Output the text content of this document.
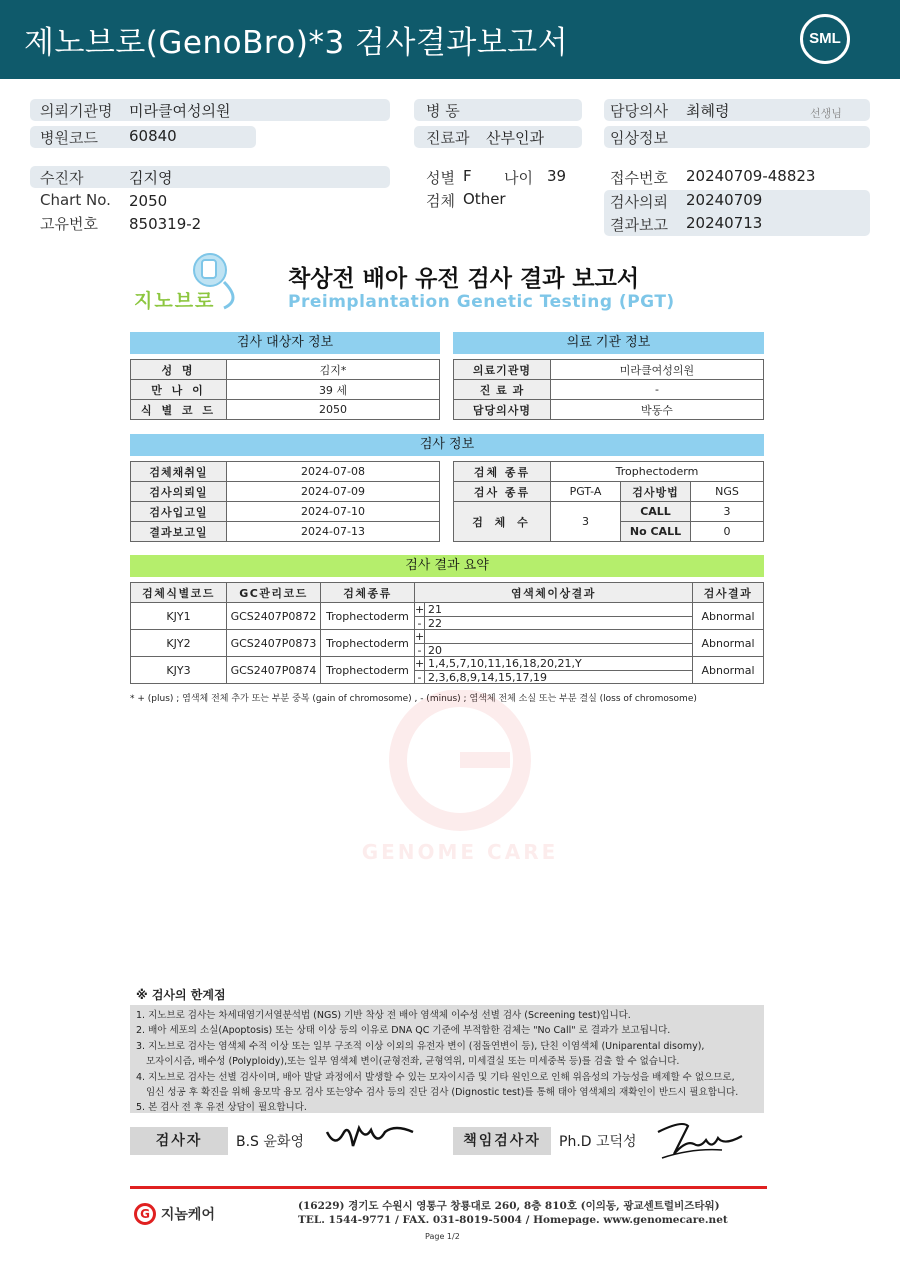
제노브로(GenoBro)*3 검사결과보고서	SML
의뢰기관명 미라클여성의원
병원코드 60840
병 동
진료과 산부인과
담당의사 최혜령	선생님
임상정보
수진자	김지영
Chart No. 2050
고유번호 850319-2
성별 F 나이 39
검체 Other
접수번호 20240709-48823
검사의뢰 20240709
결과보고 20240713
지노브로
착상전 배아 유전 검사 결과 보고서
Preimplantation Genetic Testing (PGT)
검사 대상자 정보
성 명	김지*
만 나 이	39 세
식 별 코 드	2050
의료 기관 정보
의료기관명	미라클여성의원
진 료 과	-
담당의사명	박동수
검사 정보
검체채취일	2024-07-08
검사의뢰일	2024-07-09
검사입고일	2024-07-10
결과보고일	2024-07-13
검체 종류	Trophectoderm		
검사 종류	PGT-A	검사방법	NGS
검 체 수	3	CALL	3
		No CALL	0
검사 결과 요약
검체식별코드	GC관리코드	검체종류	염색체이상결과	검사결과
KJY1	GCS2407P0872	Trophectoderm	+ 21
- 22	Abnormal
KJY2	GCS2407P0873	Trophectoderm	+
- 20	Abnormal
KJY3	GCS2407P0874	Trophectoderm	+ 1,4,5,7,10,11,16,18,20,21,Y
- 2,3,6,8,9,14,15,17,19	Abnormal
* + (plus) ; 염색체 전체 추가 또는 부분 중복 (gain of chromosome) , - (minus) ; 염색체 전체 소실 또는 부분 결실 (loss of chromosome)
GENOME CARE
※ 검사의 한계점
1. 지노브로 검사는 차세대염기서열분석법 (NGS) 기반 착상 전 배아 염색체 이수성 선별 검사 (Screening test)입니다.
2. 배아 세포의 소실(Apoptosis) 또는 상태 이상 등의 이유로 DNA QC 기준에 부적합한 검체는 "No Call" 로 결과가 보고됩니다.
3. 지노브로 검사는 염색체 수적 이상 또는 일부 구조적 이상 이외의 유전자 변이 (점돌연변이 등), 단친 이염색체 (Uniparental disomy),
모자이시즘, 배수성 (Polyploidy),또는 일부 염색체 변이(균형전좌, 균형역위, 미세결실 또는 미세중복 등)를 검출 할 수 없습니다.
4. 지노브로 검사는 선별 검사이며, 배아 발달 과정에서 발생할 수 있는 모자이시즘 및 기타 원인으로 인해 위음성의 가능성을 배제할 수 없으므로,
임신 성공 후 확진을 위해 융모막 융모 검사 또는양수 검사 등의 진단 검사 (Dignostic test)를 통해 태아 염색체의 재확인이 반드시 필요합니다.
5. 본 검사 전 후 유전 상담이 필요합니다.
검사자	B.S 윤화영	책임검사자	Ph.D 고덕성
G 지놈케어
(16229) 경기도 수원시 영통구 창룡대로 260, 8층 810호 (이의동, 광교센트럴비즈타워)
TEL. 1544-9771 / FAX. 031-8019-5004 / Homepage. www.genomecare.net
Page 1/2
